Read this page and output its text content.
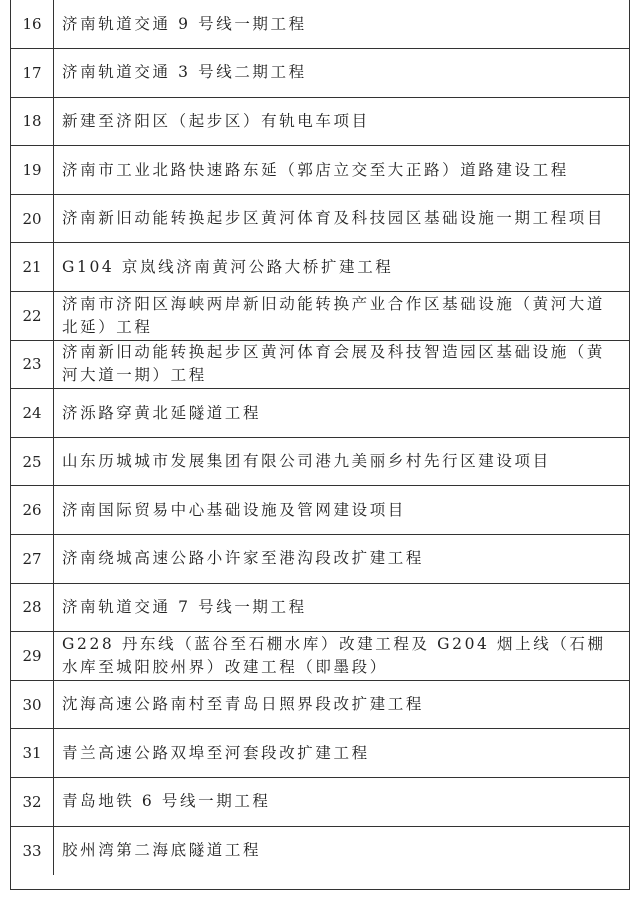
16	济南轨道交通 9 号线一期工程
17	济南轨道交通 3 号线二期工程
18	新建至济阳区（起步区）有轨电车项目
19	济南市工业北路快速路东延（郭店立交至大正路）道路建设工程
20	济南新旧动能转换起步区黄河体育及科技园区基础设施一期工程项目
21	G104 京岚线济南黄河公路大桥扩建工程
22	济南市济阳区海峡两岸新旧动能转换产业合作区基础设施（黄河大道北延）工程
23	济南新旧动能转换起步区黄河体育会展及科技智造园区基础设施（黄河大道一期）工程
24	济泺路穿黄北延隧道工程
25	山东历城城市发展集团有限公司港九美丽乡村先行区建设项目
26	济南国际贸易中心基础设施及管网建设项目
27	济南绕城高速公路小许家至港沟段改扩建工程
28	济南轨道交通 7 号线一期工程
29	G228 丹东线（蓝谷至石棚水库）改建工程及 G204 烟上线（石棚水库至城阳胶州界）改建工程（即墨段）
30	沈海高速公路南村至青岛日照界段改扩建工程
31	青兰高速公路双埠至河套段改扩建工程
32	青岛地铁 6 号线一期工程
33	胶州湾第二海底隧道工程
